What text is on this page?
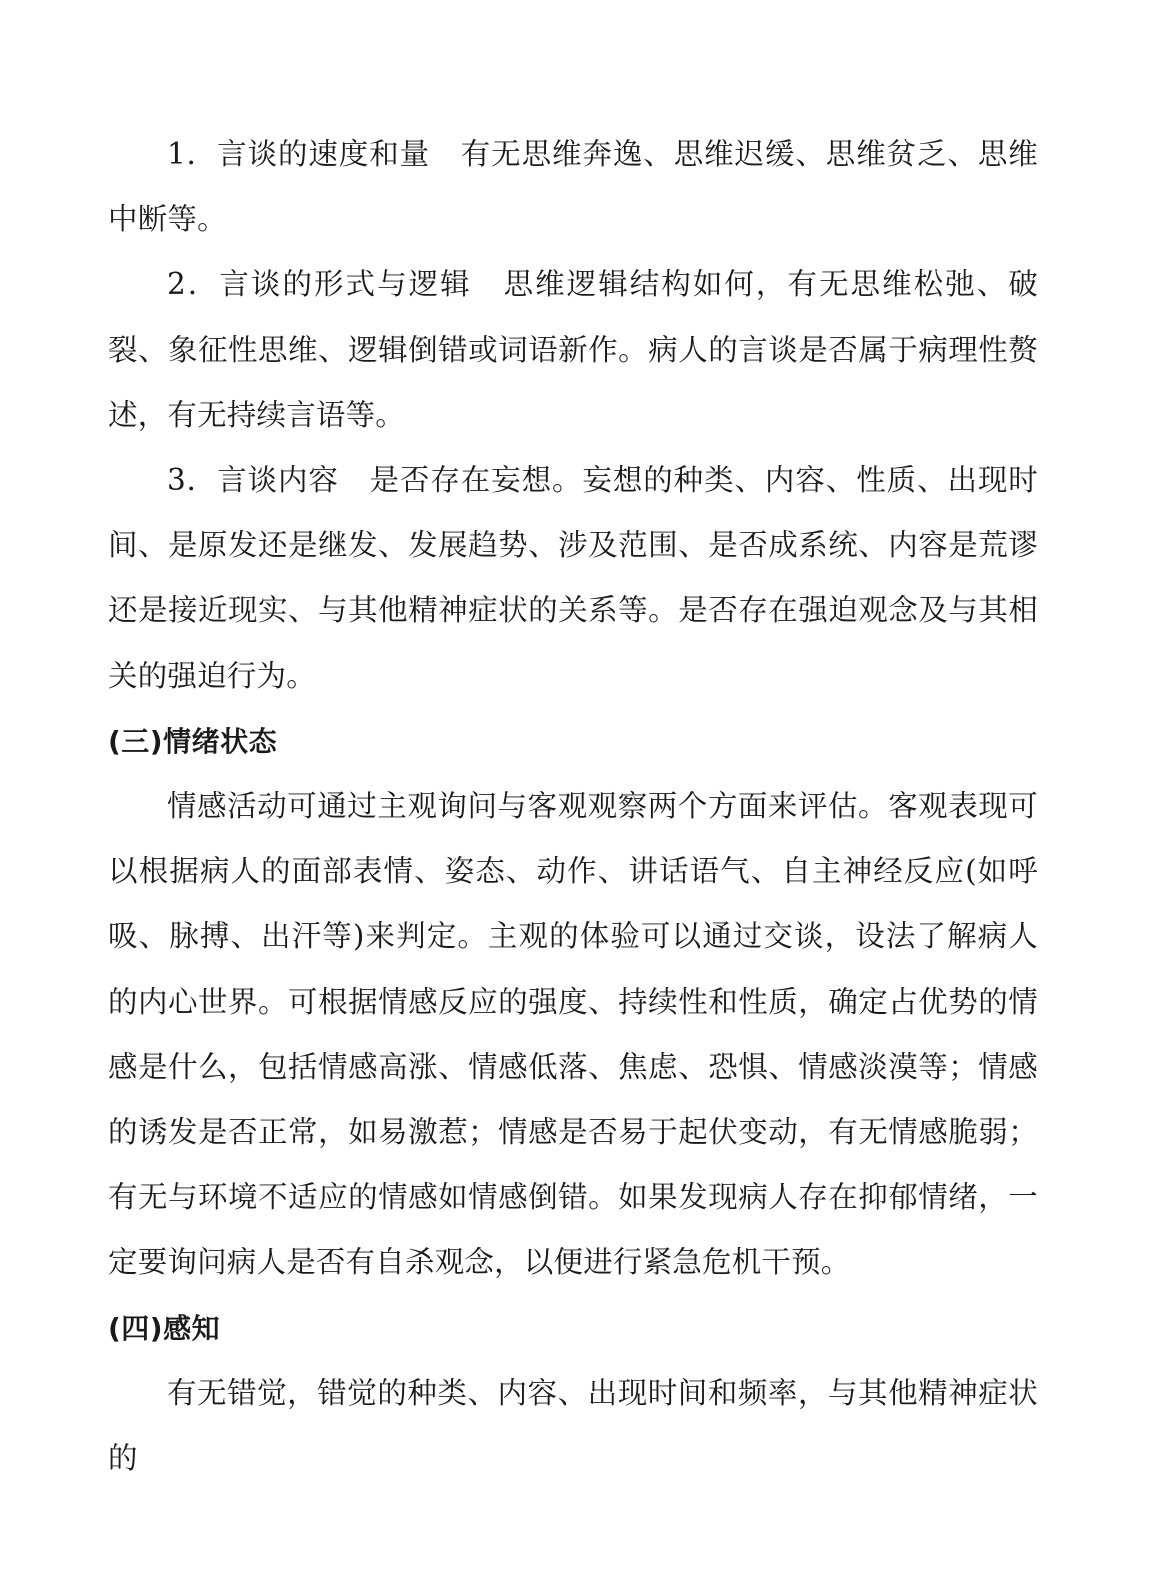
1．言谈的速度和量 有无思维奔逸、思维迟缓、思维贫乏、思维中断等。

2．言谈的形式与逻辑 思维逻辑结构如何，有无思维松弛、破裂、象征性思维、逻辑倒错或词语新作。病人的言谈是否属于病理性赘述，有无持续言语等。

3．言谈内容 是否存在妄想。妄想的种类、内容、性质、出现时间、是原发还是继发、发展趋势、涉及范围、是否成系统、内容是荒谬还是接近现实、与其他精神症状的关系等。是否存在强迫观念及与其相关的强迫行为。

(三)情绪状态

情感活动可通过主观询问与客观观察两个方面来评估。客观表现可以根据病人的面部表情、姿态、动作、讲话语气、自主神经反应(如呼吸、脉搏、出汗等)来判定。主观的体验可以通过交谈，设法了解病人的内心世界。可根据情感反应的强度、持续性和性质，确定占优势的情感是什么，包括情感高涨、情感低落、焦虑、恐惧、情感淡漠等；情感的诱发是否正常，如易激惹；情感是否易于起伏变动，有无情感脆弱；有无与环境不适应的情感如情感倒错。如果发现病人存在抑郁情绪，一定要询问病人是否有自杀观念，以便进行紧急危机干预。

(四)感知

有无错觉，错觉的种类、内容、出现时间和频率，与其他精神症状的
